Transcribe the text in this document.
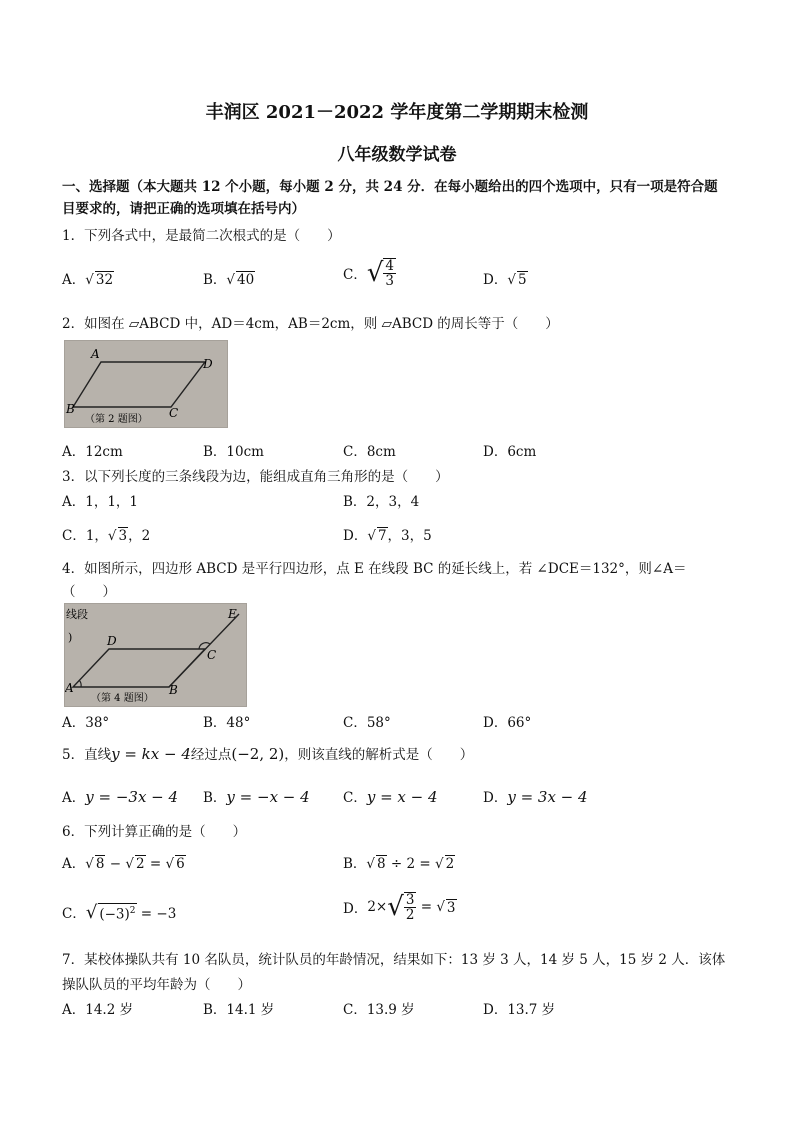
丰润区 2021－2022 学年度第二学期期末检测
八年级数学试卷
一、选择题（本大题共 12 个小题，每小题 2 分，共 24 分．在每小题给出的四个选项中，只有一项是符合题
目要求的，请把正确的选项填在括号内）
1．下列各式中，是最简二次根式的是（　　）
A．√ 32	B．√ 40	C．√ $\frac{4}{3}$	D．√ 5
2．如图在 ▱ABCD 中，AD＝4cm，AB＝2cm，则 ▱ABCD 的周长等于（　　）
A
D
B	C
（第 2 题图）
A．12cm	B．10cm	C．8cm	D．6cm
3．以下列长度的三条线段为边，能组成直角三角形的是（　　）
A．1，1，1	B．2，3，4
C．1，√ 3，2	D．√ 7，3，5
4．如图所示，四边形 ABCD 是平行四边形，点 E 在线段 BC 的延长线上，若 ∠DCE＝132°，则∠A＝
（　　）
线段
)	D
C
E
A	B
（第 4 题图）
A．38°	B．48°	C．58°	D．66°
5．直线y = kx − 4经过点(−2, 2)，则该直线的解析式是（　　）
A．y = −3x − 4 B．y = −x − 4 C．y = x − 4	D．y = 3x − 4
6．下列计算正确的是（　　）
A．√ 8 − √ 2 = √ 6	B．√ 8 ÷ 2 = √ 2
C．√ $(-3)^2 = -3$	D．$2\times√ \frac{3}{2}$ = √ 3
7．某校体操队共有 10 名队员，统计队员的年龄情况，结果如下：13 岁 3 人，14 岁 5 人，15 岁 2 人．该体
操队队员的平均年龄为（　　）
A．14.2 岁	B．14.1 岁	C．13.9 岁	D．13.7 岁
